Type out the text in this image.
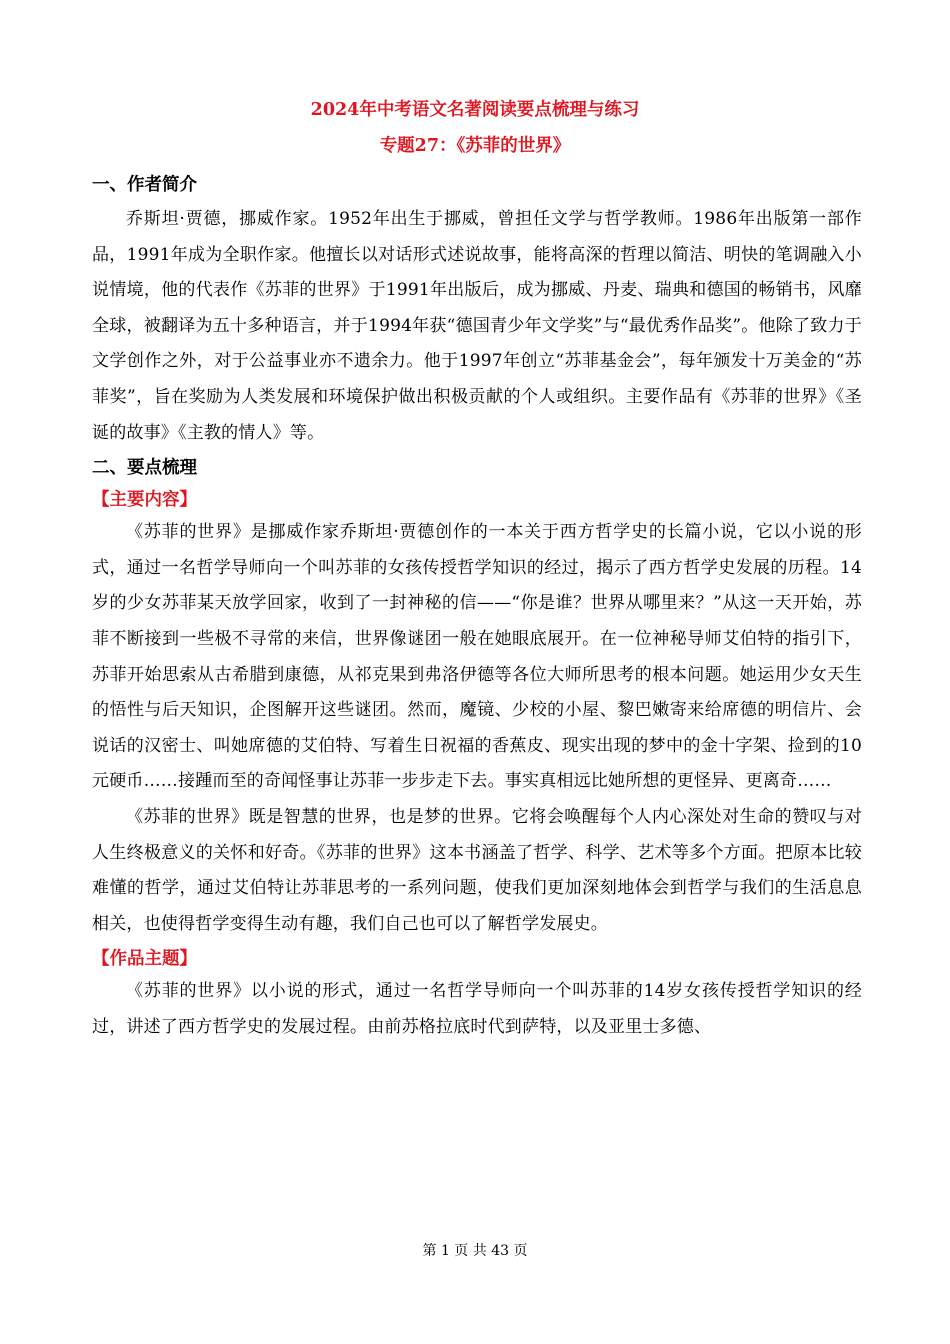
2024年中考语文名著阅读要点梳理与练习
专题27：《苏菲的世界》
一、作者简介

乔斯坦·贾德，挪威作家。1952年出生于挪威，曾担任文学与哲学教师。1986年出版第一部作品，1991年成为全职作家。他擅长以对话形式述说故事，能将高深的哲理以简洁、明快的笔调融入小说情境，他的代表作《苏菲的世界》于1991年出版后，成为挪威、丹麦、瑞典和德国的畅销书，风靡全球，被翻译为五十多种语言，并于1994年获“德国青少年文学奖”与“最优秀作品奖”。他除了致力于文学创作之外，对于公益事业亦不遗余力。他于1997年创立“苏菲基金会”，每年颁发十万美金的“苏菲奖”，旨在奖励为人类发展和环境保护做出积极贡献的个人或组织。主要作品有《苏菲的世界》《圣诞的故事》《主教的情人》等。

二、要点梳理
【主要内容】

《苏菲的世界》是挪威作家乔斯坦·贾德创作的一本关于西方哲学史的长篇小说，它以小说的形式，通过一名哲学导师向一个叫苏菲的女孩传授哲学知识的经过，揭示了西方哲学史发展的历程。14岁的少女苏菲某天放学回家，收到了一封神秘的信——“你是谁？世界从哪里来？”从这一天开始，苏菲不断接到一些极不寻常的来信，世界像谜团一般在她眼底展开。在一位神秘导师艾伯特的指引下，苏菲开始思索从古希腊到康德，从祁克果到弗洛伊德等各位大师所思考的根本问题。她运用少女天生的悟性与后天知识，企图解开这些谜团。然而，魔镜、少校的小屋、黎巴嫩寄来给席德的明信片、会说话的汉密士、叫她席德的艾伯特、写着生日祝福的香蕉皮、现实出现的梦中的金十字架、捡到的10元硬币……接踵而至的奇闻怪事让苏菲一步步走下去。事实真相远比她所想的更怪异、更离奇……

《苏菲的世界》既是智慧的世界，也是梦的世界。它将会唤醒每个人内心深处对生命的赞叹与对人生终极意义的关怀和好奇。《苏菲的世界》这本书涵盖了哲学、科学、艺术等多个方面。把原本比较难懂的哲学，通过艾伯特让苏菲思考的一系列问题，使我们更加深刻地体会到哲学与我们的生活息息相关，也使得哲学变得生动有趣，我们自己也可以了解哲学发展史。

【作品主题】

《苏菲的世界》以小说的形式，通过一名哲学导师向一个叫苏菲的14岁女孩传授哲学知识的经过，讲述了西方哲学史的发展过程。由前苏格拉底时代到萨特，以及亚里士多德、

第 1 页 共 43 页
